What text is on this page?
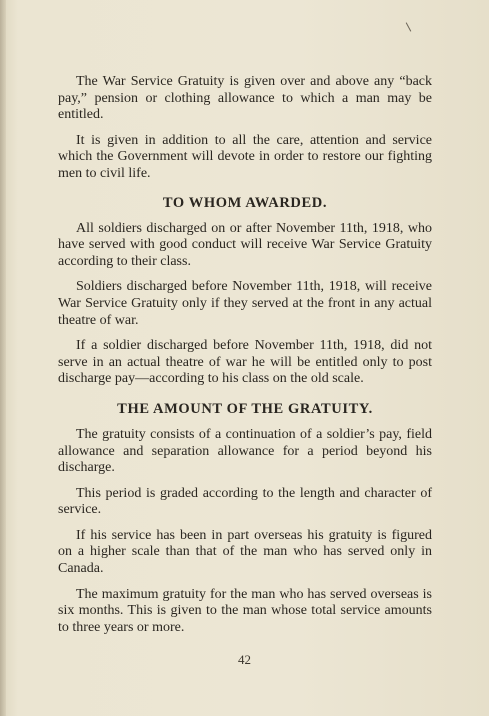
The War Service Gratuity is given over and above any “back pay,” pension or clothing allowance to which a man may be entitled.

It is given in addition to all the care, attention and service which the Government will devote in order to restore our fighting men to civil life.

TO WHOM AWARDED.

All soldiers discharged on or after November 11th, 1918, who have served with good conduct will receive War Service Gratuity according to their class.

Soldiers discharged before November 11th, 1918, will receive War Service Gratuity only if they served at the front in any actual theatre of war.

If a soldier discharged before November 11th, 1918, did not serve in an actual theatre of war he will be entitled only to post discharge pay—according to his class on the old scale.

THE AMOUNT OF THE GRATUITY.

The gratuity consists of a continuation of a soldier’s pay, field allowance and separation allowance for a period beyond his discharge.

This period is graded according to the length and character of service.

If his service has been in part overseas his gratuity is figured on a higher scale than that of the man who has served only in Canada.

The maximum gratuity for the man who has served overseas is six months. This is given to the man whose total service amounts to three years or more.

42
